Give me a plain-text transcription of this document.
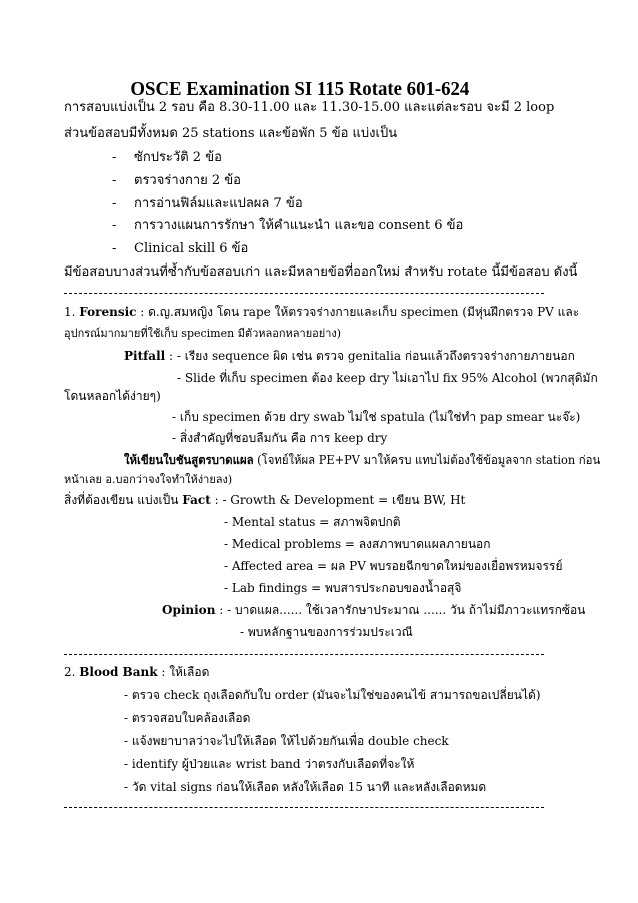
OSCE Examination SI 115 Rotate 601-624
การสอบแบ่งเป็น 2 รอบ คือ 8.30-11.00 และ 11.30-15.00 และแต่ละรอบ จะมี 2 loop
ส่วนข้อสอบมีทั้งหมด 25 stations และข้อพัก 5 ข้อ แบ่งเป็น
- ซักประวัติ 2 ข้อ
- ตรวจร่างกาย 2 ข้อ
- การอ่านฟิล์มและแปลผล 7 ข้อ
- การวางแผนการรักษา ให้คำแนะนำ และขอ consent 6 ข้อ
- Clinical skill 6 ข้อ
มีข้อสอบบางส่วนที่ซ้ำกับข้อสอบเก่า และมีหลายข้อที่ออกใหม่ สำหรับ rotate นี้มีข้อสอบ ดังนี้
1. Forensic : ด.ญ.สมหญิง โดน rape ให้ตรวจร่างกายและเก็บ specimen (มีหุ่นฝึกตรวจ PV และ
อุปกรณ์มากมายที่ใช้เก็บ specimen มีตัวหลอกหลายอย่าง)
Pitfall : - เรียง sequence ผิด เช่น ตรวจ genitalia ก่อนแล้วถึงตรวจร่างกายภายนอก
- Slide ที่เก็บ specimen ต้อง keep dry ไม่เอาไป fix 95% Alcohol (พวกสุดิมัก
โดนหลอกได้ง่ายๆ)
- เก็บ specimen ด้วย dry swab ไม่ใช่ spatula (ไม่ใช่ทำ pap smear นะจ๊ะ)
- สิ่งสำคัญที่ชอบลืมกัน คือ การ keep dry
ให้เขียนใบชันสูตรบาดแผล (โจทย์ให้ผล PE+PV มาให้ครบ แทบไม่ต้องใช้ข้อมูลจาก station ก่อน
หน้าเลย อ.บอกว่าจงใจทำให้ง่ายลง)
สิ่งที่ต้องเขียน แบ่งเป็น Fact : - Growth & Development = เขียน BW, Ht
- Mental status = สภาพจิตปกติ
- Medical problems = ลงสภาพบาดแผลภายนอก
- Affected area = ผล PV พบรอยฉีกขาดใหม่ของเยื่อพรหมจรรย์
- Lab findings = พบสารประกอบของน้ำอสุจิ
Opinion : - บาดแผล...... ใช้เวลารักษาประมาณ ...... วัน ถ้าไม่มีภาวะแทรกซ้อน
- พบหลักฐานของการร่วมประเวณี
2. Blood Bank : ให้เลือด
- ตรวจ check ถุงเลือดกับใบ order (มันจะไม่ใช่ของคนไข้ สามารถขอเปลี่ยนได้)
- ตรวจสอบใบคล้องเลือด
- แจ้งพยาบาลว่าจะไปให้เลือด ให้ไปด้วยกันเพื่อ double check
- identify ผู้ป่วยและ wrist band ว่าตรงกับเลือดที่จะให้
- วัด vital signs ก่อนให้เลือด หลังให้เลือด 15 นาที และหลังเลือดหมด
